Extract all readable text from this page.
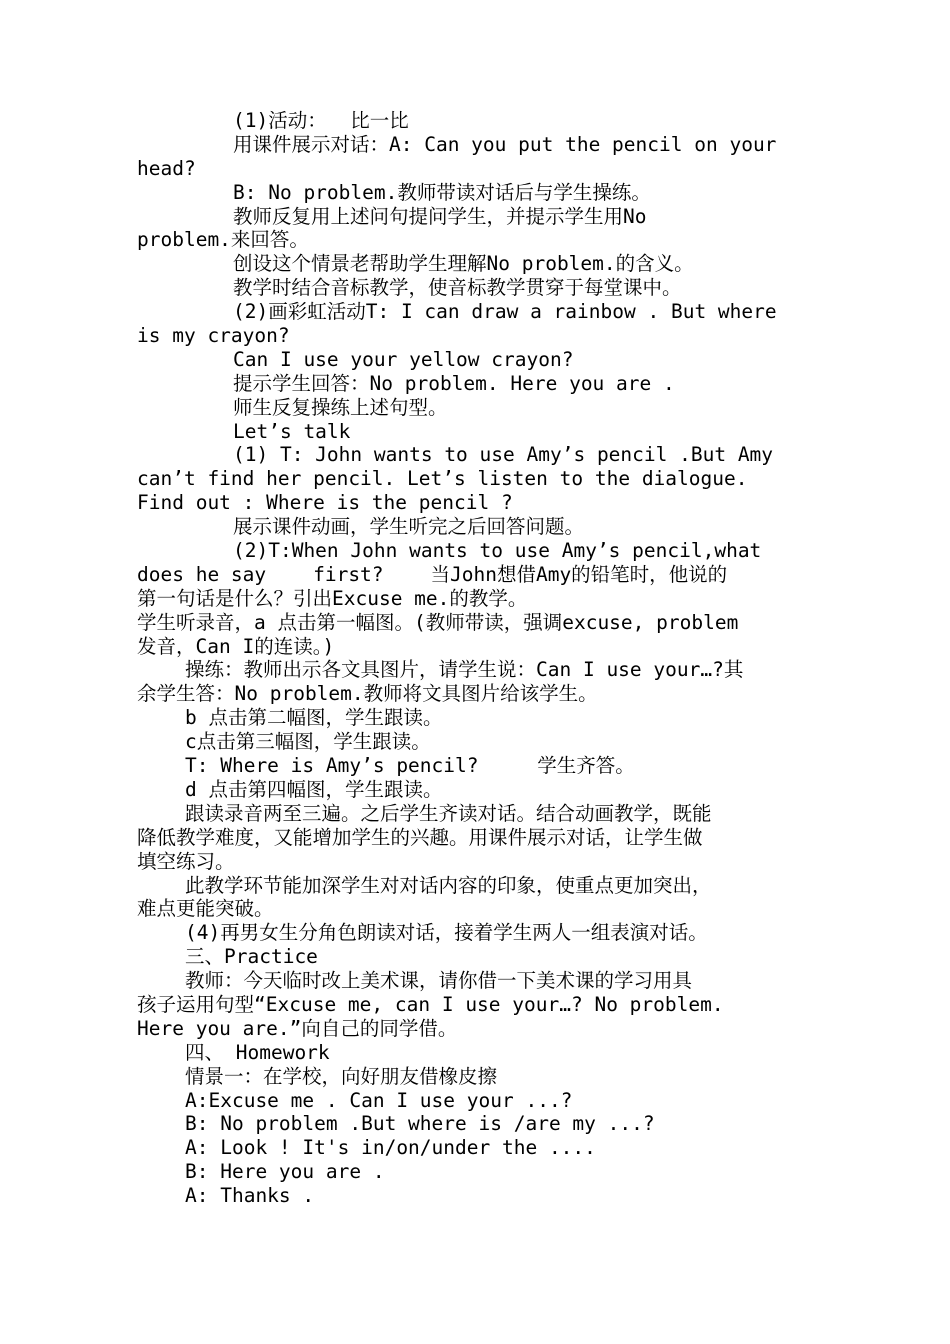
(1)活动：  比一比
用课件展示对话：A: Can you put the pencil on your
head?
B: No problem.教师带读对话后与学生操练。
教师反复用上述问句提问学生，并提示学生用No
problem.来回答。
创设这个情景老帮助学生理解No problem.的含义。
教学时结合音标教学，使音标教学贯穿于每堂课中。
(2)画彩虹活动T: I can draw a rainbow . But where
is my crayon?
Can I use your yellow crayon?
提示学生回答：No problem. Here you are .
师生反复操练上述句型。
Let’s talk
(1) T: John wants to use Amy’s pencil .But Amy
can’t find her pencil. Let’s listen to the dialogue.
Find out : Where is the pencil ?
展示课件动画，学生听完之后回答问题。
(2)T:When John wants to use Amy’s pencil,what
does he say    first?    当John想借Amy的铅笔时，他说的
第一句话是什么？引出Excuse me.的教学。
学生听录音，a 点击第一幅图。(教师带读，强调excuse, problem
发音，Can I的连读。)
操练：教师出示各文具图片，请学生说：Can I use your…?其
余学生答：No problem.教师将文具图片给该学生。
b 点击第二幅图，学生跟读。
c点击第三幅图，学生跟读。
T: Where is Amy’s pencil?     学生齐答。
d 点击第四幅图，学生跟读。
跟读录音两至三遍。之后学生齐读对话。结合动画教学，既能
降低教学难度，又能增加学生的兴趣。用课件展示对话，让学生做
填空练习。
此教学环节能加深学生对对话内容的印象，使重点更加突出，
难点更能突破。
(4)再男女生分角色朗读对话，接着学生两人一组表演对话。
三、Practice
教师：今天临时改上美术课，请你借一下美术课的学习用具
孩子运用句型“Excuse me, can I use your…? No problem.
Here you are.”向自己的同学借。
四、 Homework
情景一：在学校，向好朋友借橡皮擦
A:Excuse me . Can I use your ...?
B: No problem .But where is /are my ...?
A: Look ! It's in/on/under the ....
B: Here you are .
A: Thanks .
